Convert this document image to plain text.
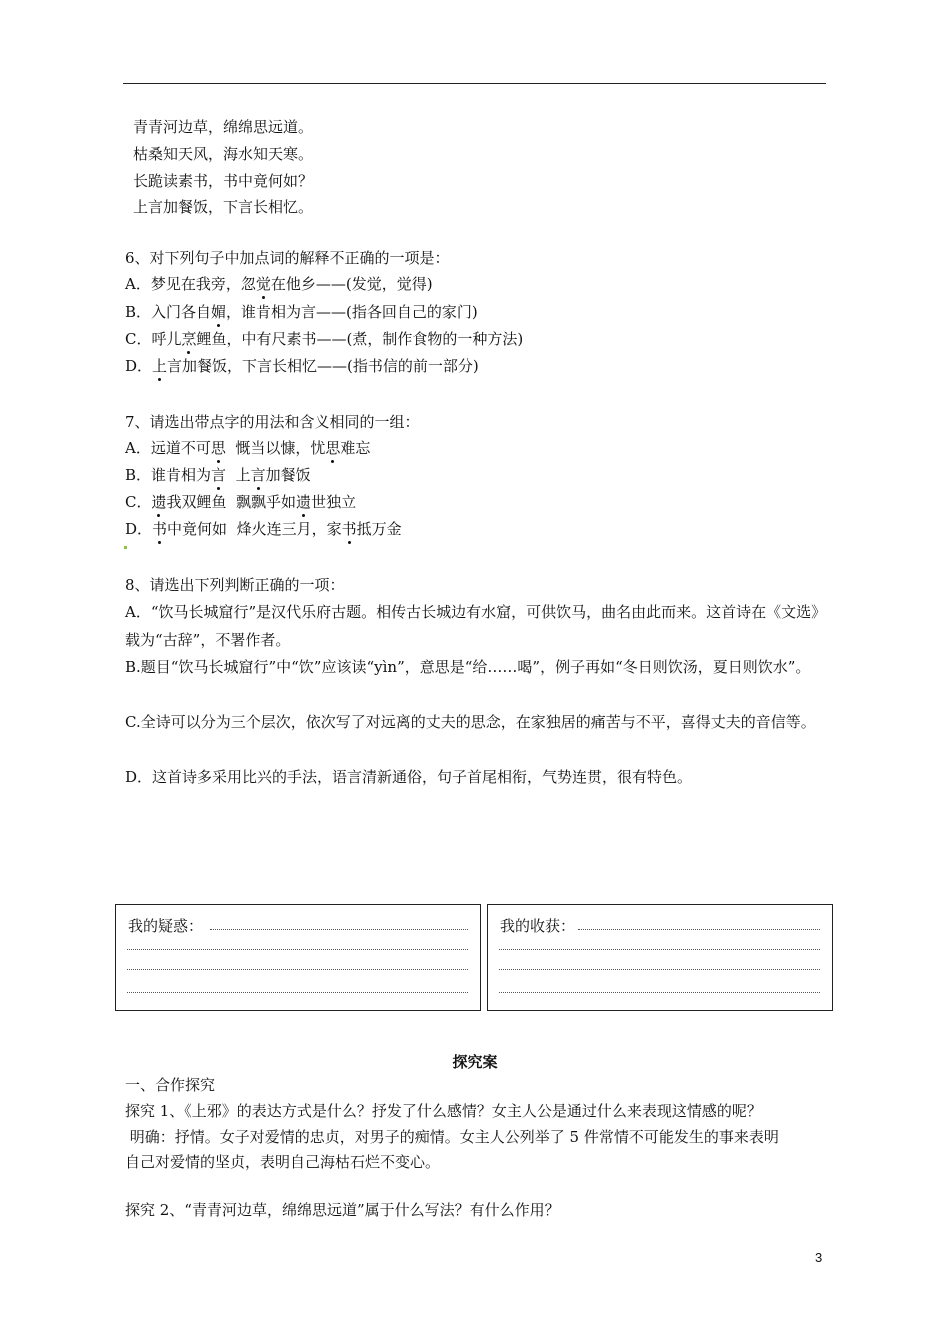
青青河边草，绵绵思远道。
枯桑知天风，海水知天寒。
长跪读素书，书中竟何如？
上言加餐饭，下言长相忆。
6、对下列句子中加点词的解释不正确的一项是：
A．梦见在我旁，忽觉在他乡——(发觉，觉得)
B．入门各自媚，谁肯相为言——(指各回自己的家门)
C．呼儿烹鲤鱼，中有尺素书——(煮，制作食物的一种方法)
D．上言加餐饭，下言长相忆——(指书信的前一部分)
7、请选出带点字的用法和含义相同的一组：
A．远道不可思  慨当以慷，忧思难忘
B．谁肯相为言  上言加餐饭
C．遗我双鲤鱼  飘飘乎如遗世独立
D．书中竟何如  烽火连三月，家书抵万金
8、请选出下列判断正确的一项：
A．“饮马长城窟行”是汉代乐府古题。相传古长城边有水窟，可供饮马，曲名由此而来。这首诗在《文选》载为“古辞”，不署作者。
B.题目“饮马长城窟行”中“饮”应该读“yìn”，意思是“给……喝”，例子再如“冬日则饮汤，夏日则饮水”。
C.全诗可以分为三个层次，依次写了对远离的丈夫的思念，在家独居的痛苦与不平，喜得丈夫的音信等。
D．这首诗多采用比兴的手法，语言清新通俗，句子首尾相衔，气势连贯，很有特色。
我的疑惑：	我的收获：
探究案
一、合作探究
探究 1、《上邪》的表达方式是什么？抒发了什么感情？女主人公是通过什么来表现这情感的呢？
明确：抒情。女子对爱情的忠贞，对男子的痴情。女主人公列举了 5 件常情不可能发生的事来表明
自己对爱情的坚贞，表明自己海枯石烂不变心。
探究 2、“青青河边草，绵绵思远道”属于什么写法？有什么作用？
3
